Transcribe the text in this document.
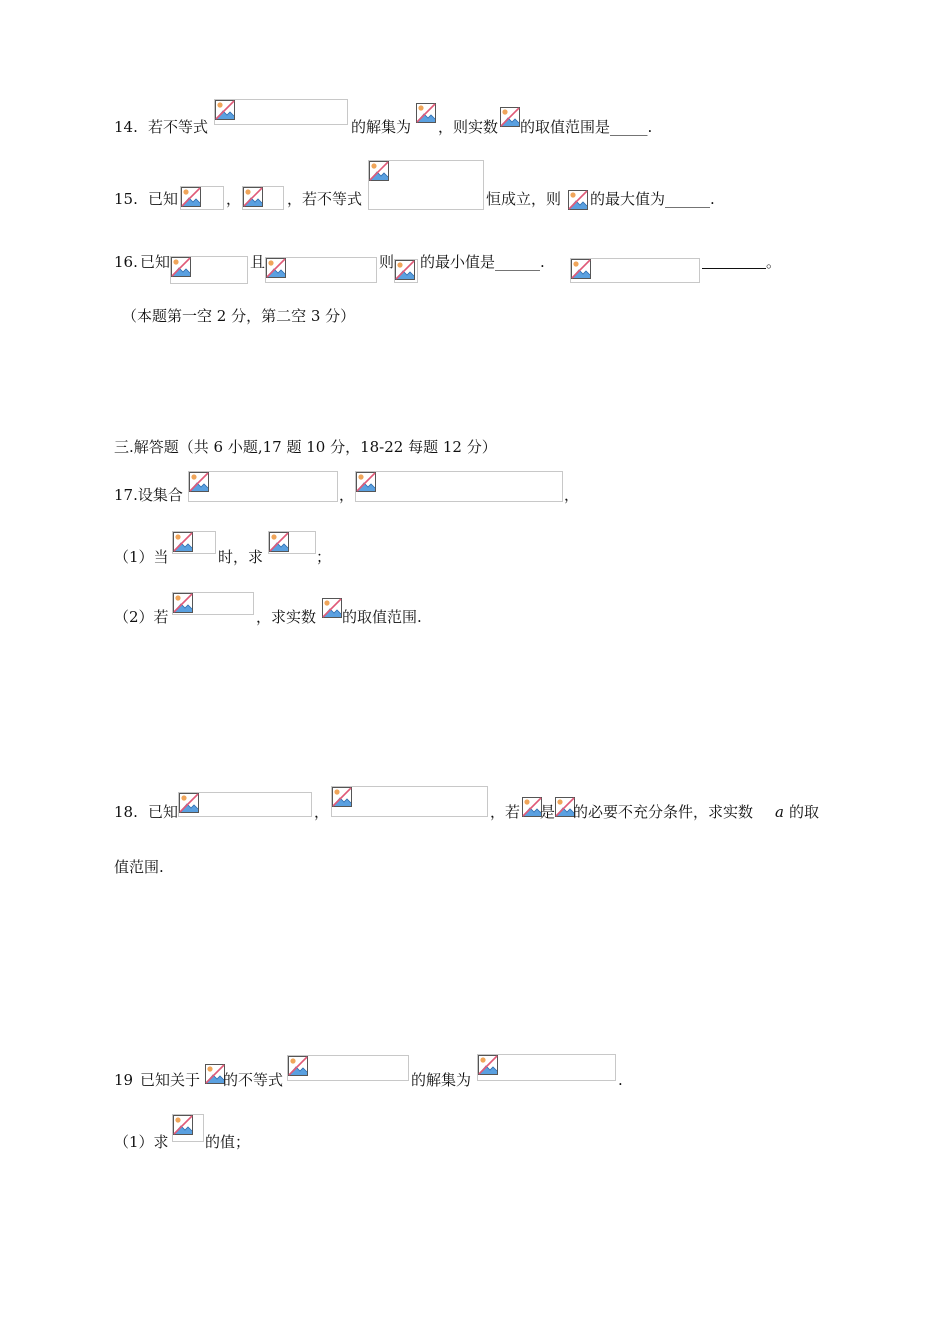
14. 若不等式	的解集为 ，则实数 的取值范围是_____.
15. 已知	，	，若不等式	恒成立，则 的最大值为______.
16. 已知	且	则 的最小值是______.	。
（本题第一空 2 分，第二空 3 分）
三.解答题（共 6 小题,17 题 10 分，18-22 每题 12 分）
17.设集合	，	，
（1）当	时，求	；
（2）若	，求实数 的取值范围.
18. 已知	，	，若 是 的必要不充分条件，求实数 a 的取
值范围.
19 已知关于 的不等式	的解集为	.
（1）求 的值；
